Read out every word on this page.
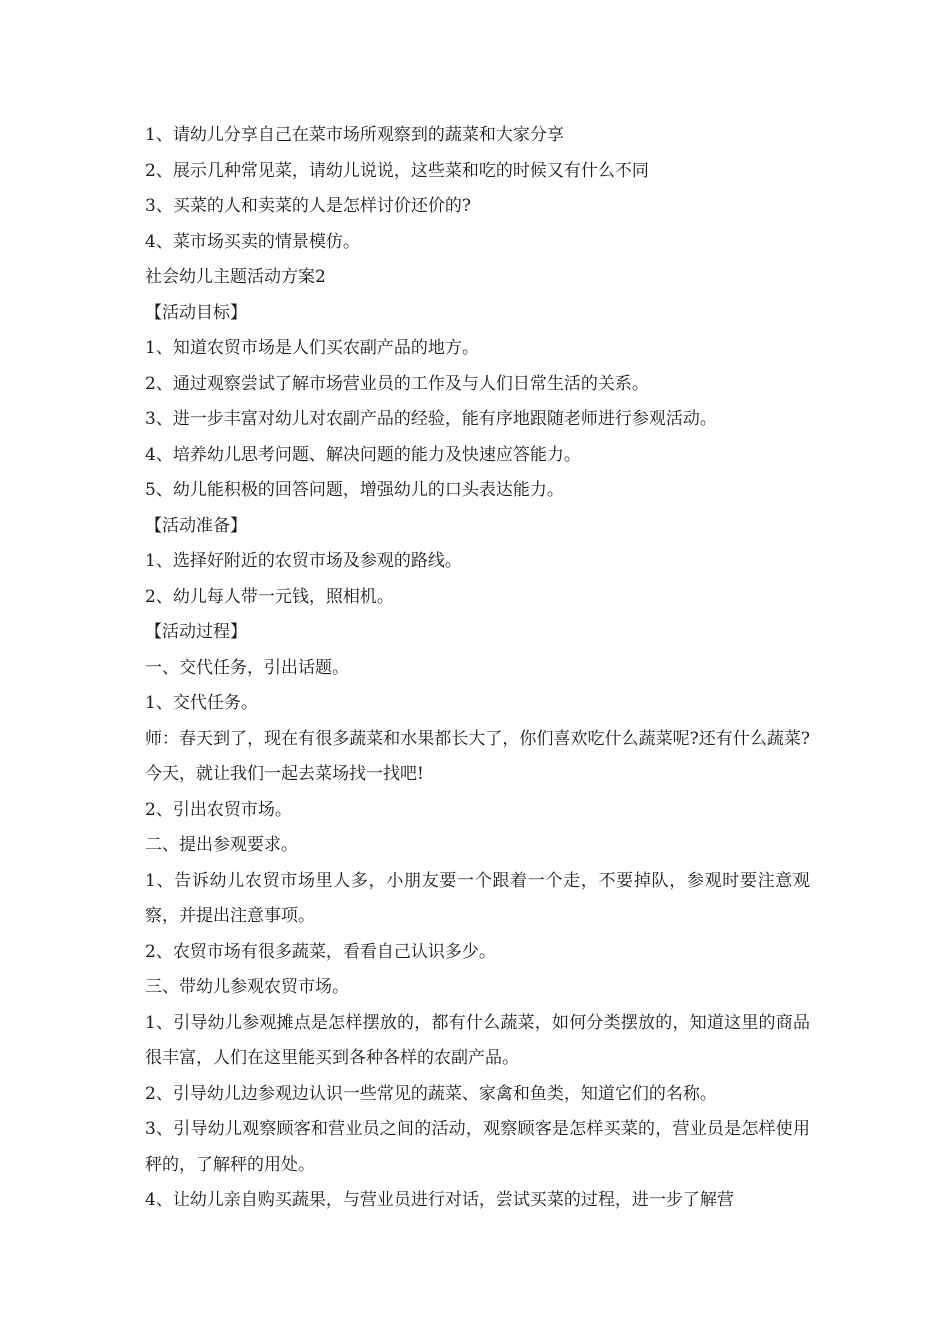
1、请幼儿分享自己在菜市场所观察到的蔬菜和大家分享

2、展示几种常见菜，请幼儿说说，这些菜和吃的时候又有什么不同

3、买菜的人和卖菜的人是怎样讨价还价的?

4、菜市场买卖的情景模仿。

社会幼儿主题活动方案2

【活动目标】

1、知道农贸市场是人们买农副产品的地方。

2、通过观察尝试了解市场营业员的工作及与人们日常生活的关系。

3、进一步丰富对幼儿对农副产品的经验，能有序地跟随老师进行参观活动。

4、培养幼儿思考问题、解决问题的能力及快速应答能力。

5、幼儿能积极的回答问题，增强幼儿的口头表达能力。

【活动准备】

1、选择好附近的农贸市场及参观的路线。

2、幼儿每人带一元钱，照相机。

【活动过程】

一、交代任务，引出话题。

1、交代任务。

师：春天到了，现在有很多蔬菜和水果都长大了，你们喜欢吃什么蔬菜呢?还有什么蔬菜?今天，就让我们一起去菜场找一找吧!

2、引出农贸市场。

二、提出参观要求。

1、告诉幼儿农贸市场里人多，小朋友要一个跟着一个走，不要掉队，参观时要注意观察，并提出注意事项。

2、农贸市场有很多蔬菜，看看自己认识多少。

三、带幼儿参观农贸市场。

1、引导幼儿参观摊点是怎样摆放的，都有什么蔬菜，如何分类摆放的，知道这里的商品很丰富，人们在这里能买到各种各样的农副产品。

2、引导幼儿边参观边认识一些常见的蔬菜、家禽和鱼类，知道它们的名称。

3、引导幼儿观察顾客和营业员之间的活动，观察顾客是怎样买菜的，营业员是怎样使用秤的，了解秤的用处。

4、让幼儿亲自购买蔬果，与营业员进行对话，尝试买菜的过程，进一步了解营
